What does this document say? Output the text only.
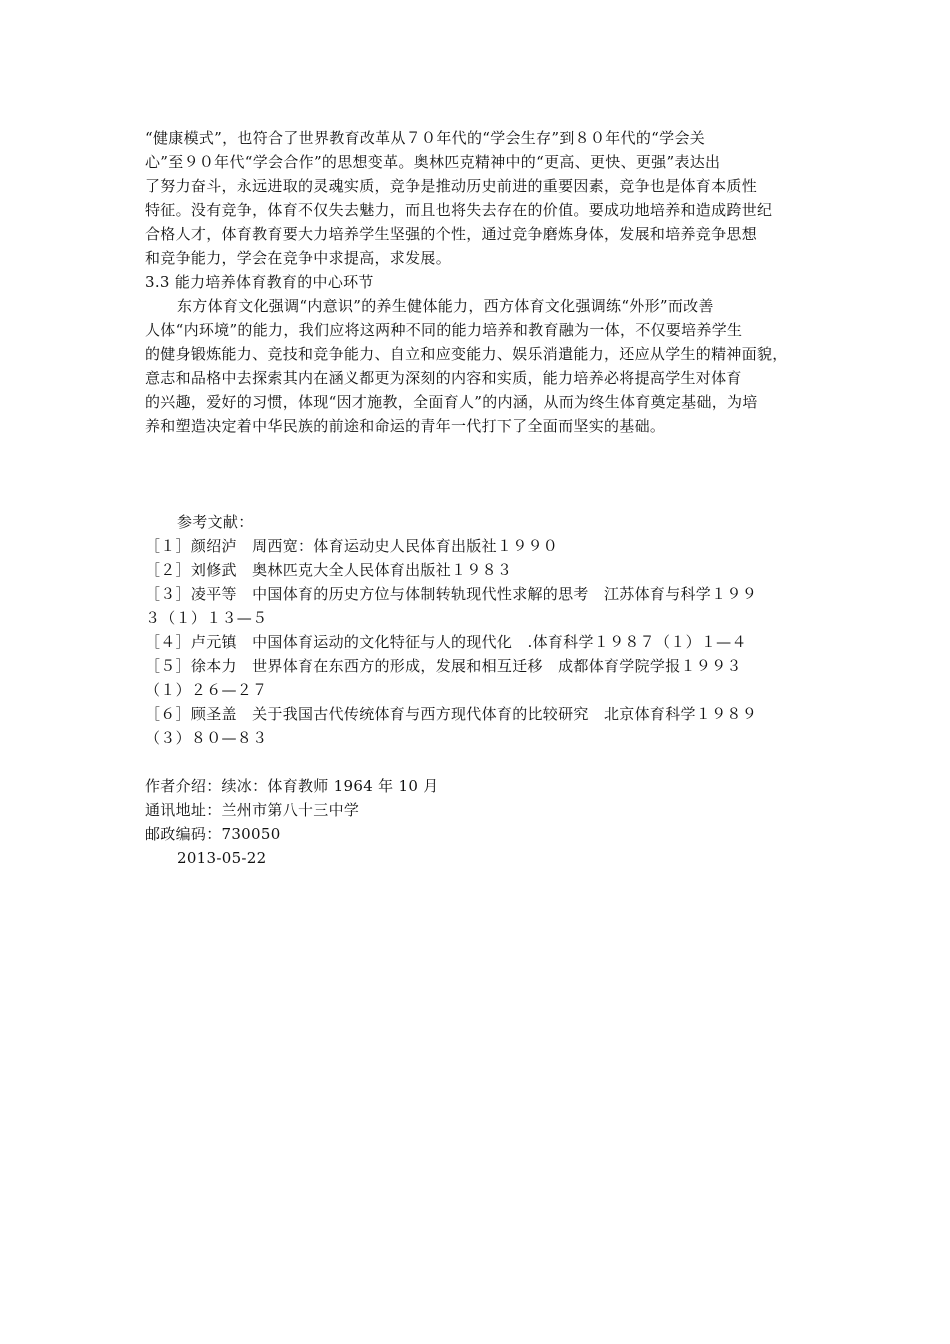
“健康模式”，也符合了世界教育改革从７０年代的“学会生存”到８０年代的“学会关
心”至９０年代“学会合作”的思想变革。奥林匹克精神中的“更高、更快、更强”表达出
了努力奋斗，永远进取的灵魂实质，竞争是推动历史前进的重要因素，竞争也是体育本质性
特征。没有竞争，体育不仅失去魅力，而且也将失去存在的价值。要成功地培养和造成跨世纪
合格人才，体育教育要大力培养学生坚强的个性，通过竞争磨炼身体，发展和培养竞争思想
和竞争能力，学会在竞争中求提高，求发展。
3.3 能力培养体育教育的中心环节
东方体育文化强调“内意识”的养生健体能力，西方体育文化强调练“外形”而改善
人体“内环境”的能力，我们应将这两种不同的能力培养和教育融为一体，不仅要培养学生
的健身锻炼能力、竞技和竞争能力、自立和应变能力、娱乐消遣能力，还应从学生的精神面貌，
意志和品格中去探索其内在涵义都更为深刻的内容和实质，能力培养必将提高学生对体育
的兴趣，爱好的习惯，体现“因才施教，全面育人”的内涵，从而为终生体育奠定基础，为培
养和塑造决定着中华民族的前途和命运的青年一代打下了全面而坚实的基础。
参考文献：
［１］颜绍泸　周西宽：体育运动史人民体育出版社１９９０
［２］刘修武　奥林匹克大全人民体育出版社１９８３
［３］凌平等　中国体育的历史方位与体制转轨现代性求解的思考　江苏体育与科学１９９
３（１）１３—５
［４］卢元镇　中国体育运动的文化特征与人的现代化　.体育科学１９８７（１）１—４
［５］徐本力　世界体育在东西方的形成，发展和相互迁移　成都体育学院学报１９９３
（１）２６—２７
［６］顾圣盖　关于我国古代传统体育与西方现代体育的比较研究　北京体育科学１９８９
（３）８０—８３
作者介绍：续冰：体育教师 1964 年 10 月
通讯地址：兰州市第八十三中学
邮政编码：730050
2013-05-22
